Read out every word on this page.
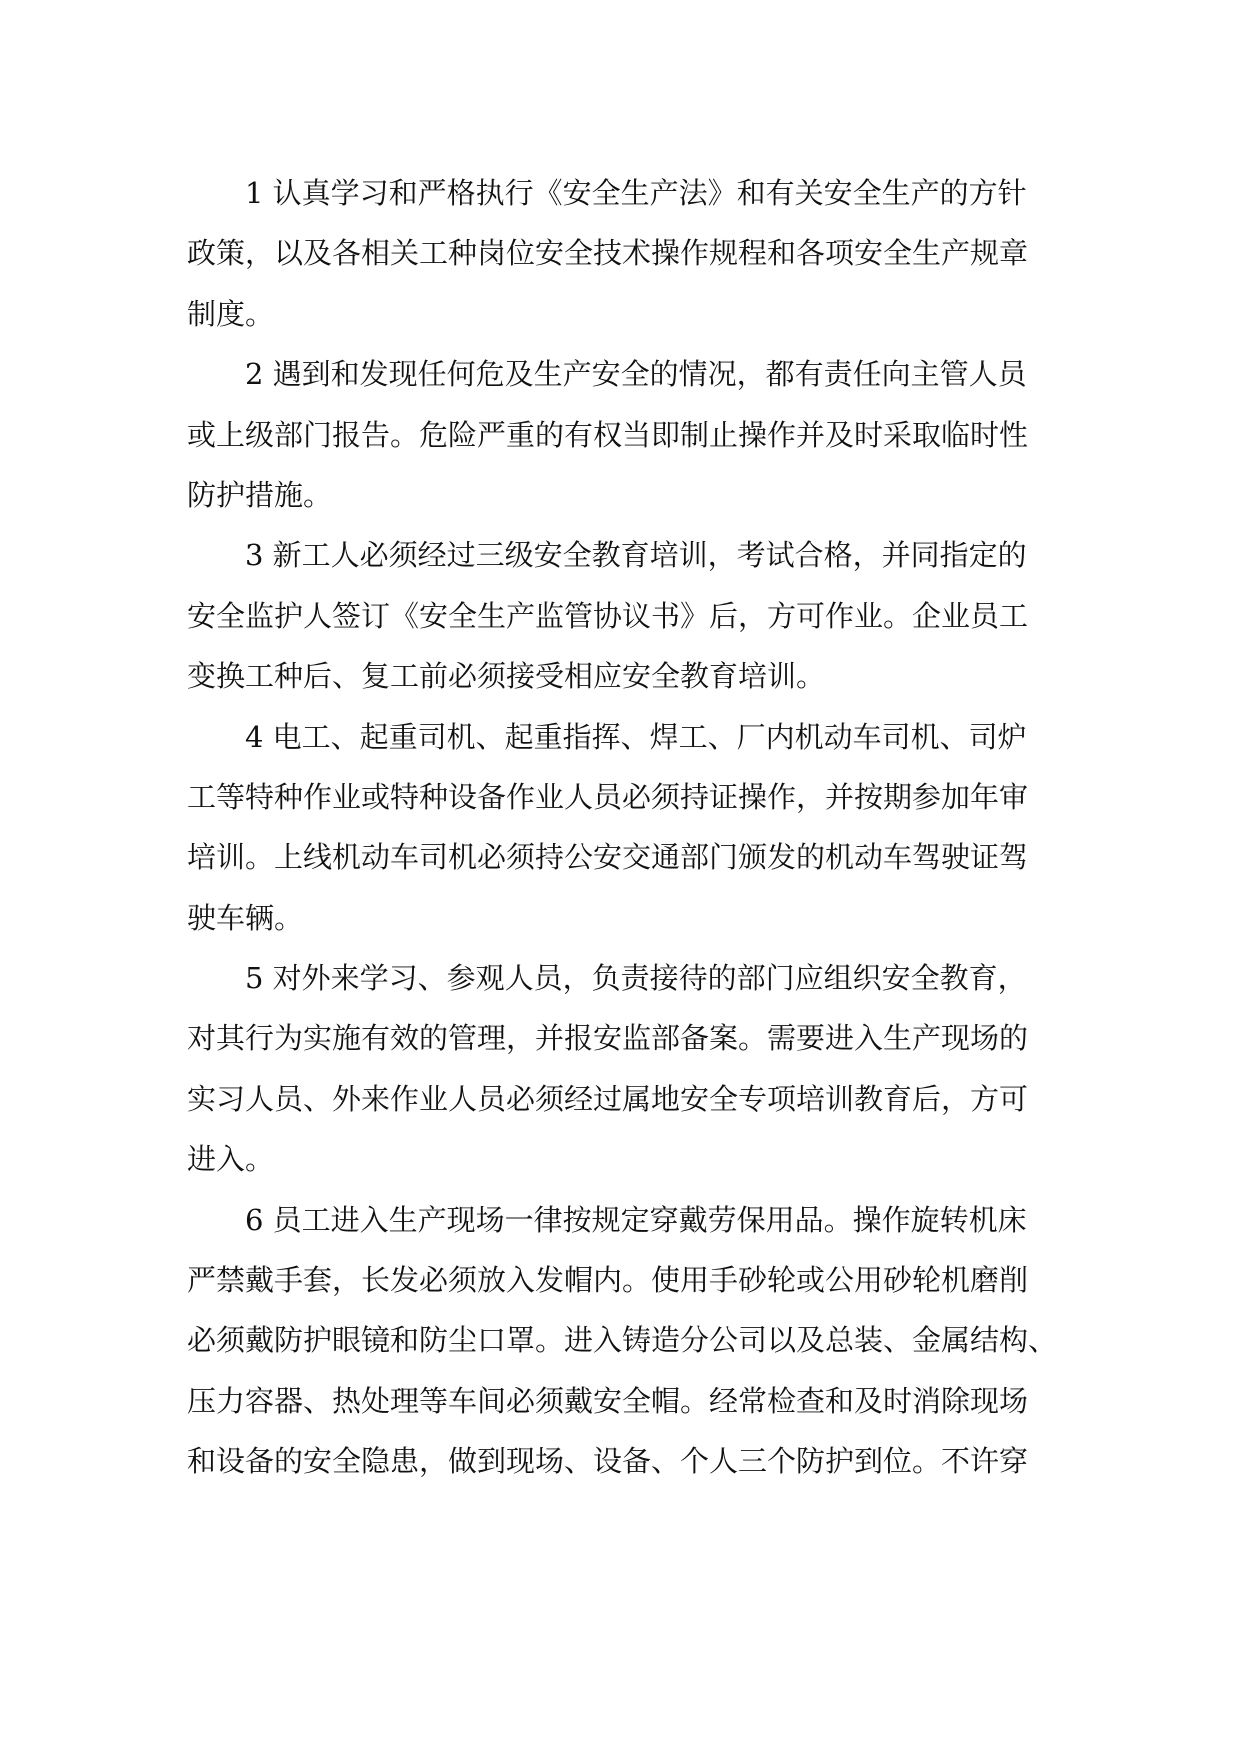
1 认真学习和严格执行《安全生产法》和有关安全生产的方针
政策，以及各相关工种岗位安全技术操作规程和各项安全生产规章
制度。
2 遇到和发现任何危及生产安全的情况，都有责任向主管人员
或上级部门报告。危险严重的有权当即制止操作并及时采取临时性
防护措施。
3 新工人必须经过三级安全教育培训，考试合格，并同指定的
安全监护人签订《安全生产监管协议书》后，方可作业。企业员工
变换工种后、复工前必须接受相应安全教育培训。
4 电工、起重司机、起重指挥、焊工、厂内机动车司机、司炉
工等特种作业或特种设备作业人员必须持证操作，并按期参加年审
培训。上线机动车司机必须持公安交通部门颁发的机动车驾驶证驾
驶车辆。
5 对外来学习、参观人员，负责接待的部门应组织安全教育，
对其行为实施有效的管理，并报安监部备案。需要进入生产现场的
实习人员、外来作业人员必须经过属地安全专项培训教育后，方可
进入。
6 员工进入生产现场一律按规定穿戴劳保用品。操作旋转机床
严禁戴手套，长发必须放入发帽内。使用手砂轮或公用砂轮机磨削
必须戴防护眼镜和防尘口罩。进入铸造分公司以及总装、金属结构、
压力容器、热处理等车间必须戴安全帽。经常检查和及时消除现场
和设备的安全隐患，做到现场、设备、个人三个防护到位。不许穿
